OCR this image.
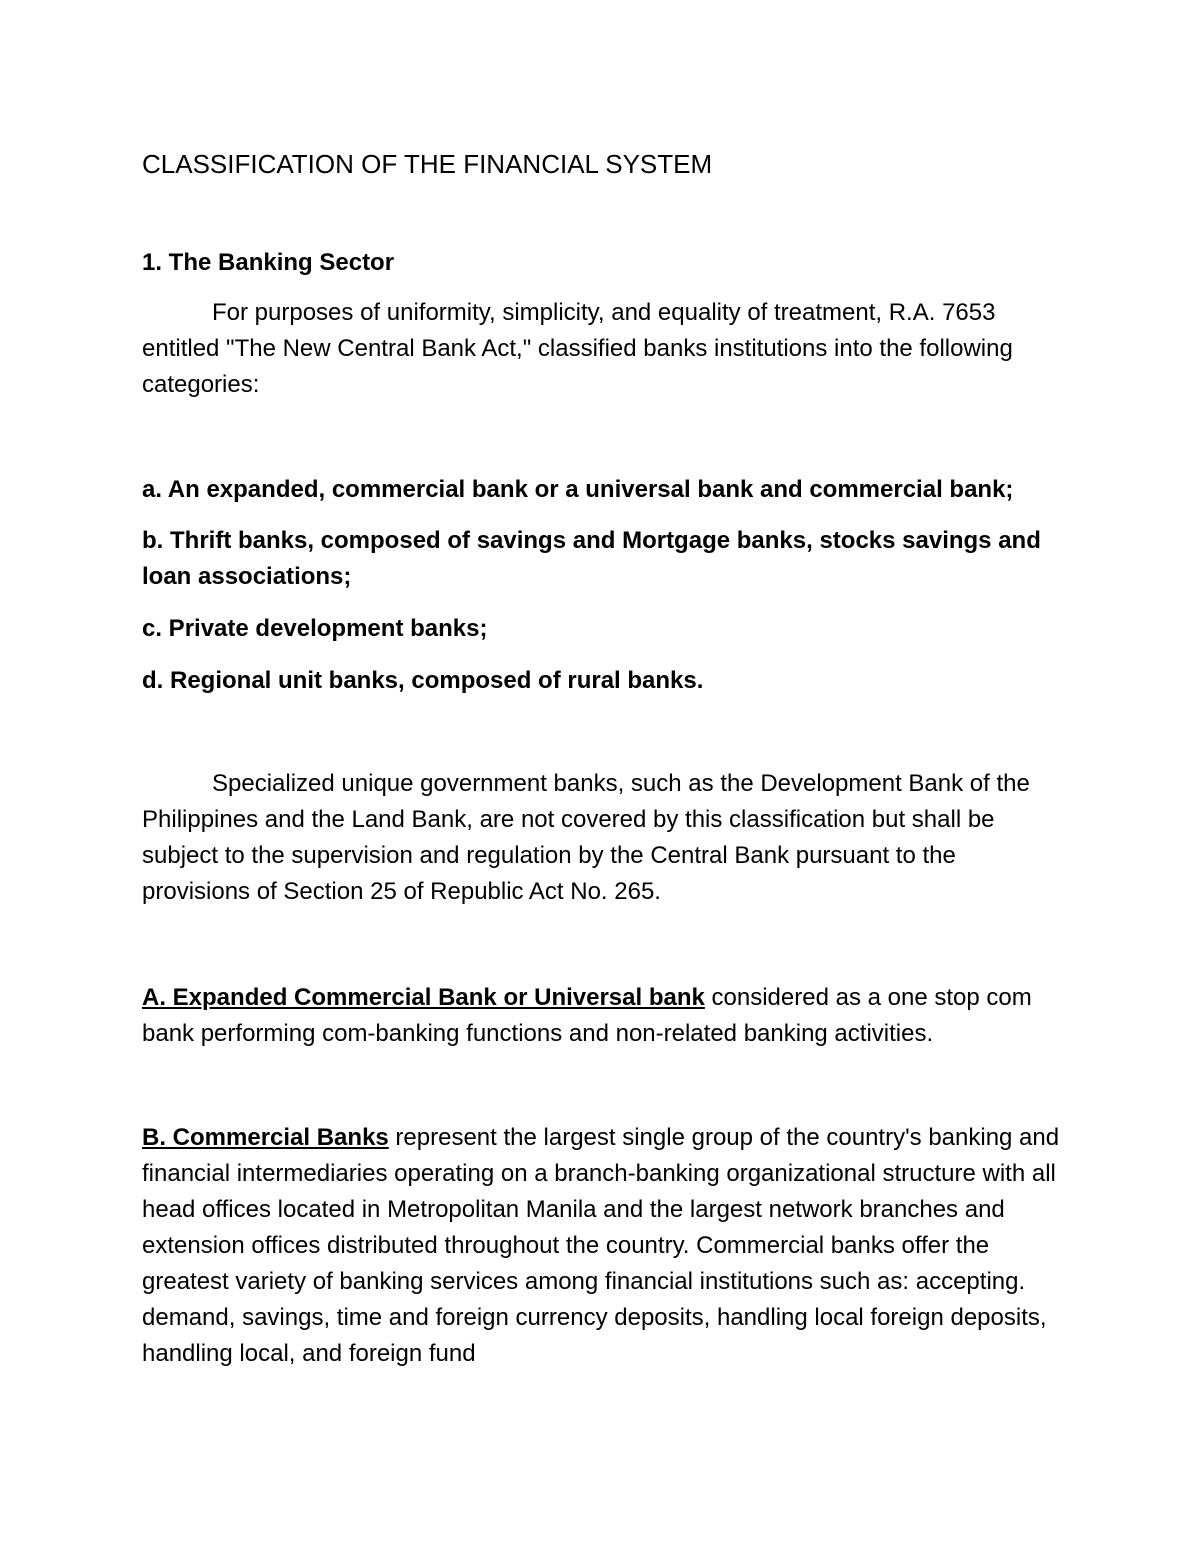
CLASSIFICATION OF THE FINANCIAL SYSTEM
1. The Banking Sector

For purposes of uniformity, simplicity, and equality of treatment, R.A. 7653 entitled "The New Central Bank Act," classified banks institutions into the following categories:

a. An expanded, commercial bank or a universal bank and commercial bank;

b. Thrift banks, composed of savings and Mortgage banks, stocks savings and loan associations;

c. Private development banks;

d. Regional unit banks, composed of rural banks.

Specialized unique government banks, such as the Development Bank of the Philippines and the Land Bank, are not covered by this classification but shall be subject to the supervision and regulation by the Central Bank pursuant to the provisions of Section 25 of Republic Act No. 265.

A. Expanded Commercial Bank or Universal bank considered as a one stop com bank performing com-banking functions and non-related banking activities.

B. Commercial Banks represent the largest single group of the country's banking and financial intermediaries operating on a branch-banking organizational structure with all head offices located in Metropolitan Manila and the largest network branches and extension offices distributed throughout the country. Commercial banks offer the greatest variety of banking services among financial institutions such as: accepting. demand, savings, time and foreign currency deposits, handling local foreign deposits, handling local, and foreign fund
